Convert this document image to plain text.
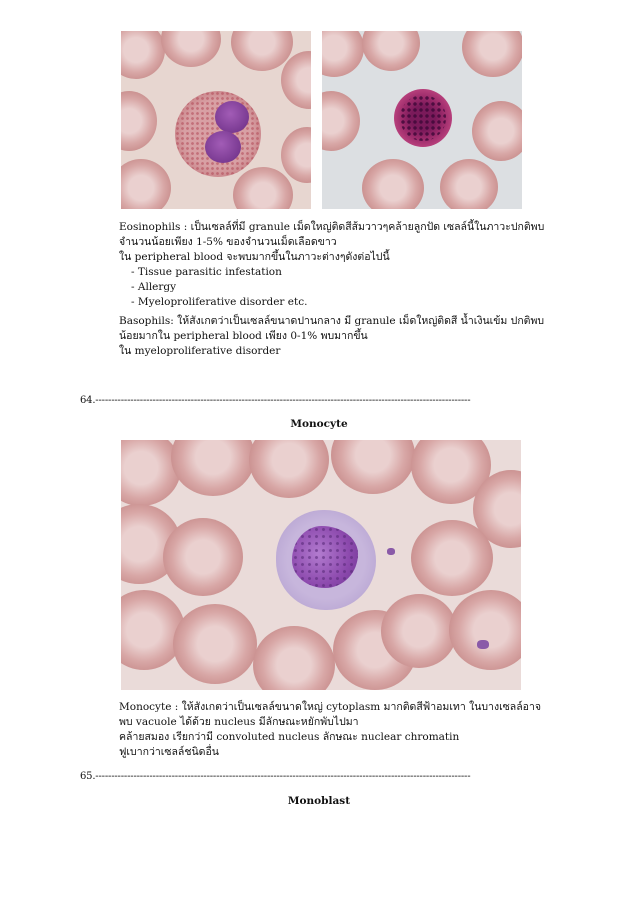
Eosinophils : เป็นเซลล์ที่มี granule เม็ดใหญ่ติดสีส้มวาวๆคล้ายลูกปัด เซลล์นี้ในภาวะปกติพบ
จำนวนน้อยเพียง 1-5% ของจำนวนเม็ดเลือดขาว
ใน peripheral blood จะพบมากขึ้นในภาวะต่างๆดังต่อไปนี้
- Tissue parasitic infestation
- Allergy
- Myeloproliferative disorder etc.
Basophils: ให้สังเกตว่าเป็นเซลล์ขนาดปานกลาง มี granule เม็ดใหญ่ติดสี น้ำเงินเข้ม ปกติพบ
น้อยมากใน peripheral blood เพียง 0-1% พบมากขึ้น
ใน myeloproliferative disorder
64.----------------------------------------------------------------------------------------------------------------------
Monocyte
Monocyte : ให้สังเกตว่าเป็นเซลล์ขนาดใหญ่ cytoplasm มากติดสีฟ้าอมเทา ในบางเซลล์อาจ
พบ vacuole ได้ด้วย nucleus มีลักษณะหยักพับไปมา
คล้ายสมอง เรียกว่ามี convoluted nucleus ลักษณะ nuclear chromatin
ฟูเบากว่าเซลล์ชนิดอื่น
65.----------------------------------------------------------------------------------------------------------------------
Monoblast
